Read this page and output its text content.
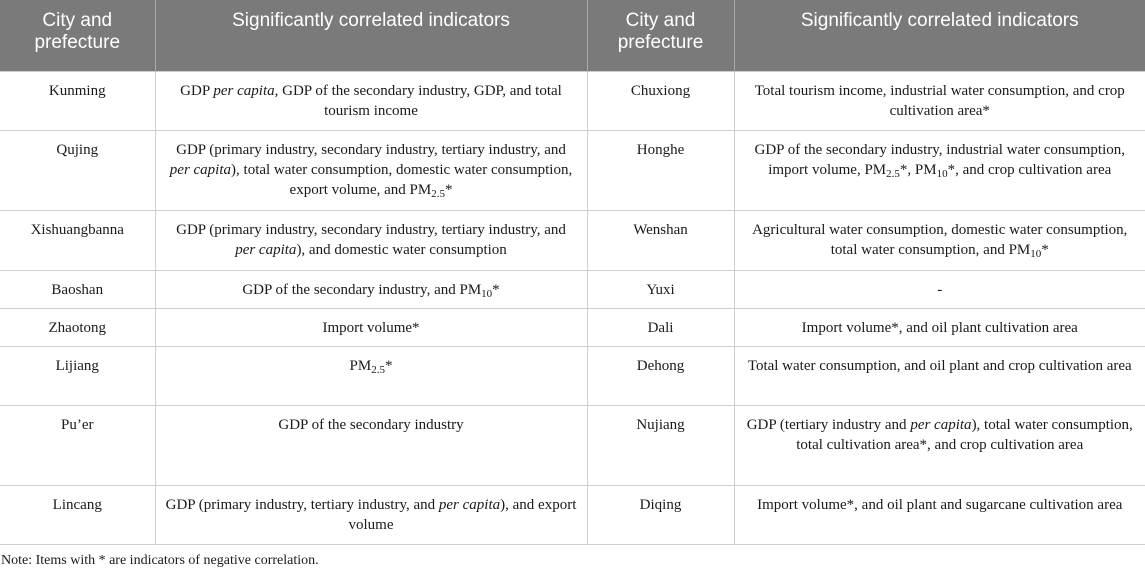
City and prefecture	Significantly correlated indicators	City and prefecture	Significantly correlated indicators
Kunming	GDP per capita, GDP of the secondary industry, GDP, and total tourism income	Chuxiong	Total tourism income, industrial water consumption, and crop cultivation area*
Qujing	GDP (primary industry, secondary industry, tertiary industry, and per capita), total water consumption, domestic water consumption, export volume, and $PM_{2.5}*$	Honghe	GDP of the secondary industry, industrial water consumption, import volume, $PM_{2.5}*$, $PM_{10}*$, and crop cultivation area
Xishuangbanna	GDP (primary industry, secondary industry, tertiary industry, and per capita), and domestic water consumption	Wenshan	Agricultural water consumption, domestic water consumption, total water consumption, and $PM_{10}*$
Baoshan	GDP of the secondary industry, and $PM_{10}*$	Yuxi	-
Zhaotong	Import volume*	Dali	Import volume*, and oil plant cultivation area
Lijiang	$PM_{2.5}*$	Dehong	Total water consumption, and oil plant and crop cultivation area
Pu’er	GDP of the secondary industry	Nujiang	GDP (tertiary industry and per capita), total water consumption, total cultivation area*, and crop cultivation area
Lincang	GDP (primary industry, tertiary industry, and per capita), and export volume	Diqing	Import volume*, and oil plant and sugarcane cultivation area

Note: Items with * are indicators of negative correlation.
